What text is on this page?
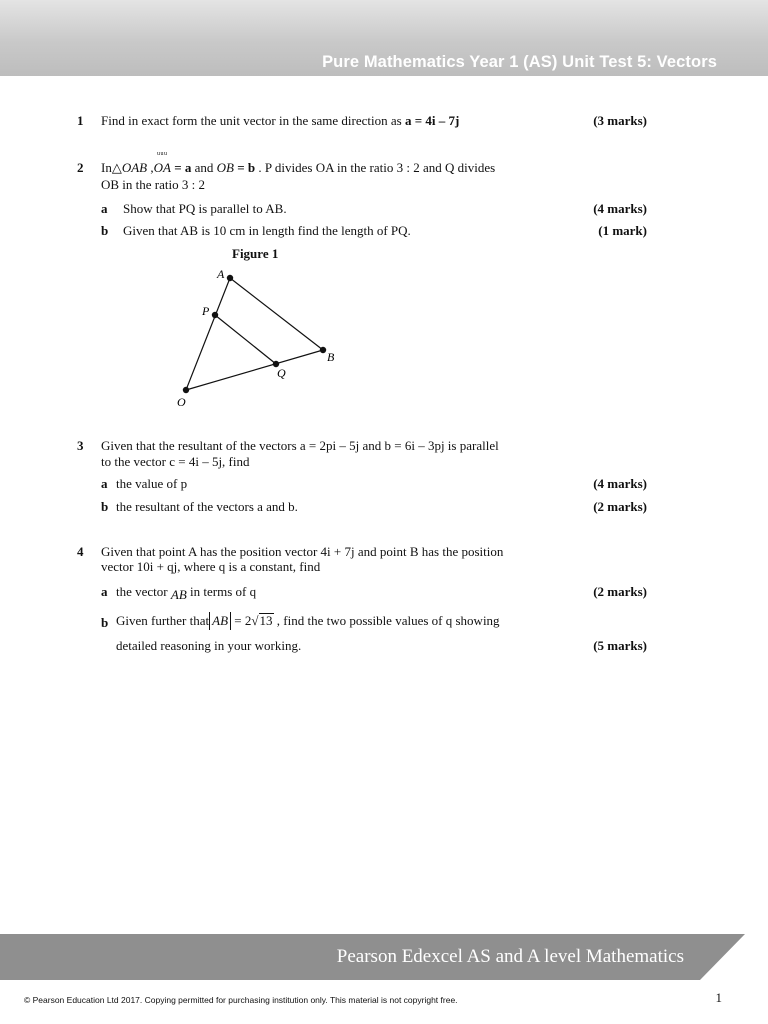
Pure Mathematics Year 1 (AS) Unit Test 5: Vectors
1 Find in exact form the unit vector in the same direction as a = 4i – 7j	(3 marks)
2 In△OAB ,
uuu
OA = a and OB = b . P divides OA in the ratio 3 : 2 and Q divides
OB in the ratio 3 : 2
a Show that PQ is parallel to AB.	(4 marks)
b Given that AB is 10 cm in length find the length of PQ.	(1 mark)
Figure 1
A
P
B
Q
O
3 Given that the resultant of the vectors a = 2pi – 5j and b = 6i – 3pj is parallel
to the vector c = 4i – 5j, find
a the value of p	(4 marks)
b the resultant of the vectors a and b.	(2 marks)
4 Given that point A has the position vector 4i + 7j and point B has the position
vector 10i + qj, where q is a constant, find
a the vector AB in terms of q	(2 marks)
b Given further that AB = 2√13 , find the two possible values of q showing
detailed reasoning in your working.	(5 marks)
Pearson Edexcel AS and A level Mathematics
© Pearson Education Ltd 2017. Copying permitted for purchasing institution only. This material is not copyright free.	1
